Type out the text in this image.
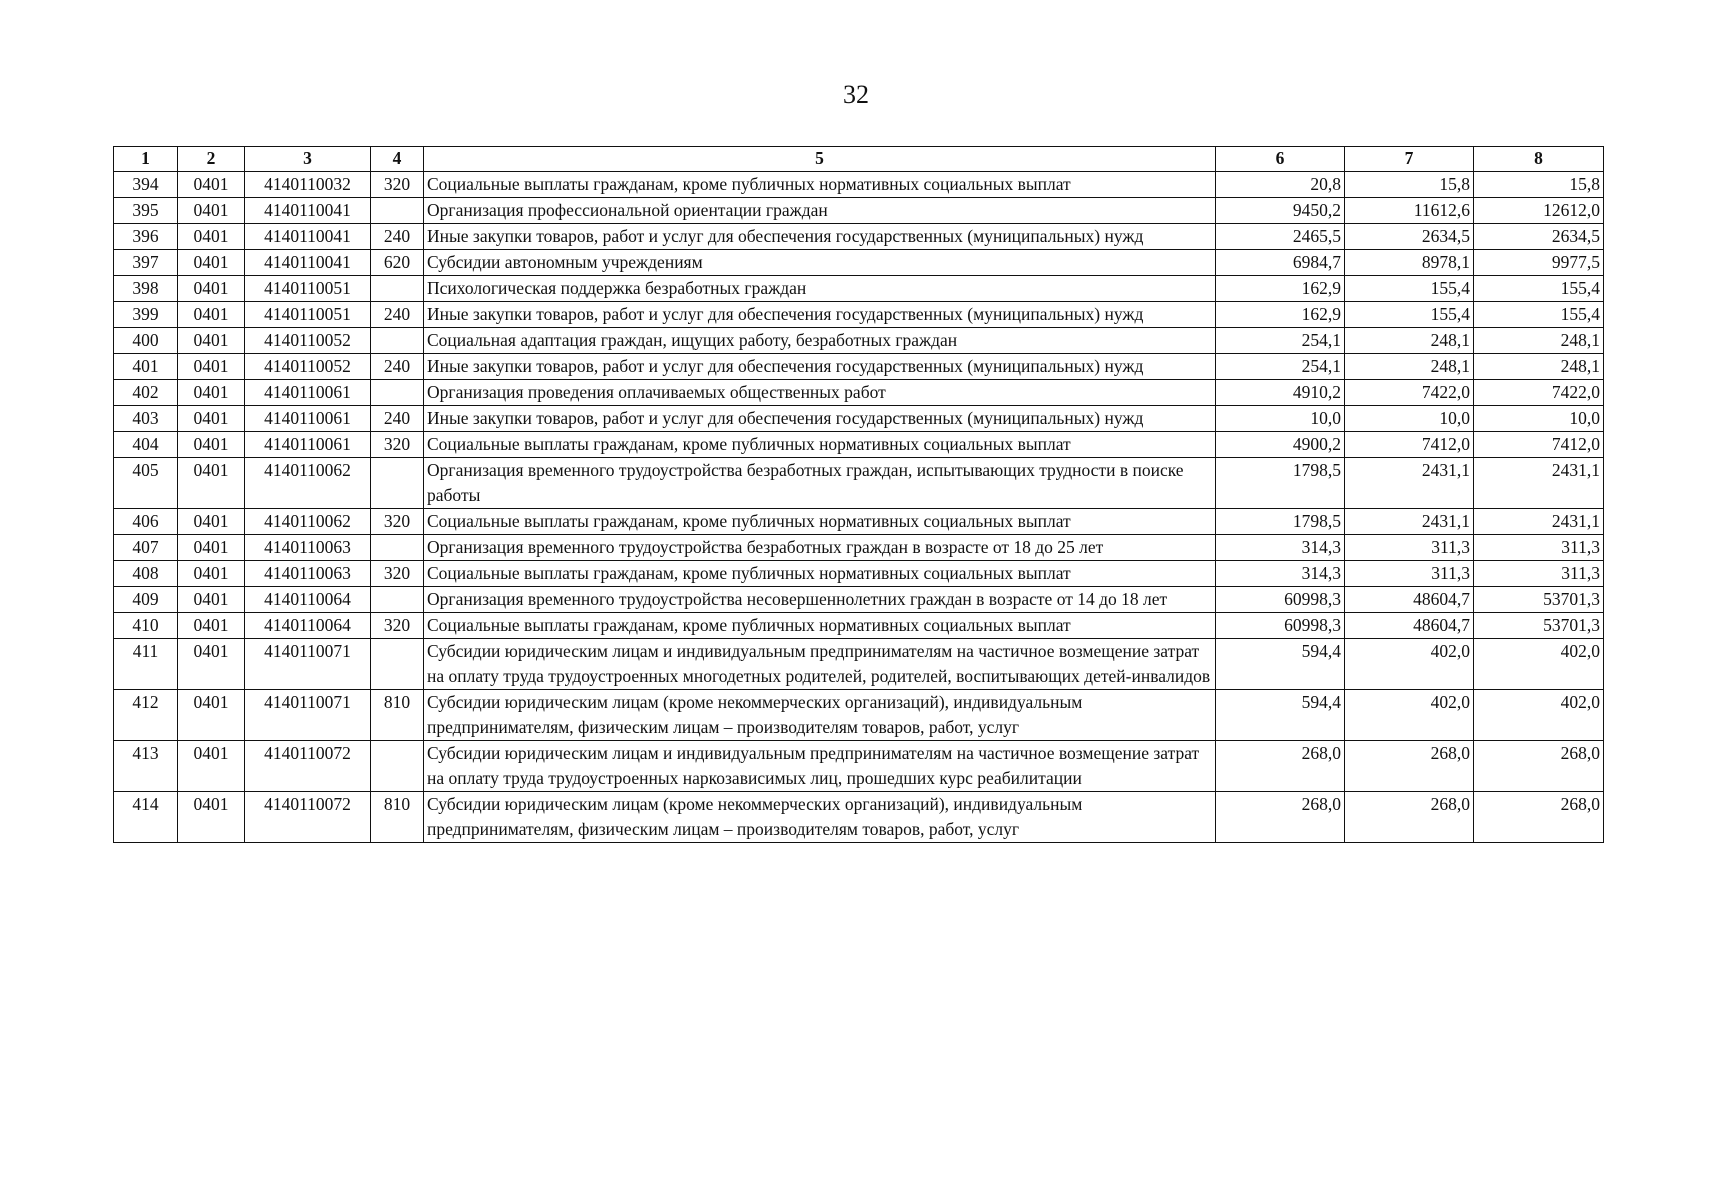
32
1	2	3	4	5	6	7	8
394	0401	4140110032	320	Социальные выплаты гражданам, кроме публичных нормативных социальных выплат	20,8	15,8	15,8
395	0401	4140110041		Организация профессиональной ориентации граждан	9450,2	11612,6	12612,0
396	0401	4140110041	240	Иные закупки товаров, работ и услуг для обеспечения государственных (муниципальных) нужд	2465,5	2634,5	2634,5
397	0401	4140110041	620	Субсидии автономным учреждениям	6984,7	8978,1	9977,5
398	0401	4140110051		Психологическая поддержка безработных граждан	162,9	155,4	155,4
399	0401	4140110051	240	Иные закупки товаров, работ и услуг для обеспечения государственных (муниципальных) нужд	162,9	155,4	155,4
400	0401	4140110052		Социальная адаптация граждан, ищущих работу, безработных граждан	254,1	248,1	248,1
401	0401	4140110052	240	Иные закупки товаров, работ и услуг для обеспечения государственных (муниципальных) нужд	254,1	248,1	248,1
402	0401	4140110061		Организация проведения оплачиваемых общественных работ	4910,2	7422,0	7422,0
403	0401	4140110061	240	Иные закупки товаров, работ и услуг для обеспечения государственных (муниципальных) нужд	10,0	10,0	10,0
404	0401	4140110061	320	Социальные выплаты гражданам, кроме публичных нормативных социальных выплат	4900,2	7412,0	7412,0
405	0401	4140110062		Организация временного трудоустройства безработных граждан, испытывающих трудности в поиске работы	1798,5	2431,1	2431,1
406	0401	4140110062	320	Социальные выплаты гражданам, кроме публичных нормативных социальных выплат	1798,5	2431,1	2431,1
407	0401	4140110063		Организация временного трудоустройства безработных граждан в возрасте от 18 до 25 лет	314,3	311,3	311,3
408	0401	4140110063	320	Социальные выплаты гражданам, кроме публичных нормативных социальных выплат	314,3	311,3	311,3
409	0401	4140110064		Организация временного трудоустройства несовершеннолетних граждан в возрасте от 14 до 18 лет	60998,3	48604,7	53701,3
410	0401	4140110064	320	Социальные выплаты гражданам, кроме публичных нормативных социальных выплат	60998,3	48604,7	53701,3
411	0401	4140110071		Субсидии юридическим лицам и индивидуальным предпринимателям на частичное возмещение затрат на оплату труда трудоустроенных многодетных родителей, родителей, воспитывающих детей-инвалидов	594,4	402,0	402,0
412	0401	4140110071	810	Субсидии юридическим лицам (кроме некоммерческих организаций), индивидуальным предпринимателям, физическим лицам – производителям товаров, работ, услуг	594,4	402,0	402,0
413	0401	4140110072		Субсидии юридическим лицам и индивидуальным предпринимателям на частичное возмещение затрат на оплату труда трудоустроенных наркозависимых лиц, прошедших курс реабилитации	268,0	268,0	268,0
414	0401	4140110072	810	Субсидии юридическим лицам (кроме некоммерческих организаций), индивидуальным предпринимателям, физическим лицам – производителям товаров, работ, услуг	268,0	268,0	268,0
